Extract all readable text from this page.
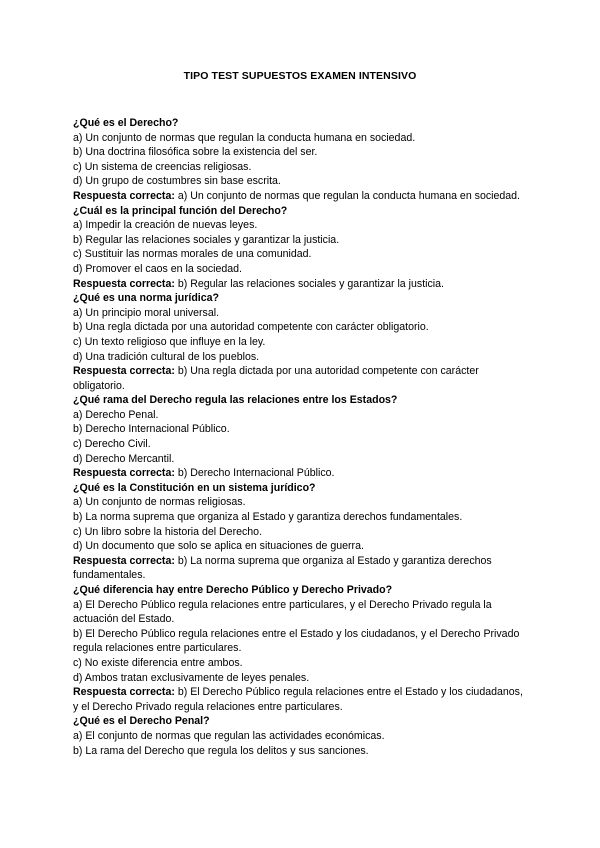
TIPO TEST SUPUESTOS EXAMEN INTENSIVO
¿Qué es el Derecho?
a) Un conjunto de normas que regulan la conducta humana en sociedad.
b) Una doctrina filosófica sobre la existencia del ser.
c) Un sistema de creencias religiosas.
d) Un grupo de costumbres sin base escrita.
Respuesta correcta: a) Un conjunto de normas que regulan la conducta humana en sociedad.
¿Cuál es la principal función del Derecho?
a) Impedir la creación de nuevas leyes.
b) Regular las relaciones sociales y garantizar la justicia.
c) Sustituir las normas morales de una comunidad.
d) Promover el caos en la sociedad.
Respuesta correcta: b) Regular las relaciones sociales y garantizar la justicia.
¿Qué es una norma jurídica?
a) Un principio moral universal.
b) Una regla dictada por una autoridad competente con carácter obligatorio.
c) Un texto religioso que influye en la ley.
d) Una tradición cultural de los pueblos.
Respuesta correcta: b) Una regla dictada por una autoridad competente con carácter obligatorio.
¿Qué rama del Derecho regula las relaciones entre los Estados?
a) Derecho Penal.
b) Derecho Internacional Público.
c) Derecho Civil.
d) Derecho Mercantil.
Respuesta correcta: b) Derecho Internacional Público.
¿Qué es la Constitución en un sistema jurídico?
a) Un conjunto de normas religiosas.
b) La norma suprema que organiza al Estado y garantiza derechos fundamentales.
c) Un libro sobre la historia del Derecho.
d) Un documento que solo se aplica en situaciones de guerra.
Respuesta correcta: b) La norma suprema que organiza al Estado y garantiza derechos fundamentales.
¿Qué diferencia hay entre Derecho Público y Derecho Privado?
a) El Derecho Público regula relaciones entre particulares, y el Derecho Privado regula la actuación del Estado.
b) El Derecho Público regula relaciones entre el Estado y los ciudadanos, y el Derecho Privado regula relaciones entre particulares.
c) No existe diferencia entre ambos.
d) Ambos tratan exclusivamente de leyes penales.
Respuesta correcta: b) El Derecho Público regula relaciones entre el Estado y los ciudadanos, y el Derecho Privado regula relaciones entre particulares.
¿Qué es el Derecho Penal?
a) El conjunto de normas que regulan las actividades económicas.
b) La rama del Derecho que regula los delitos y sus sanciones.
